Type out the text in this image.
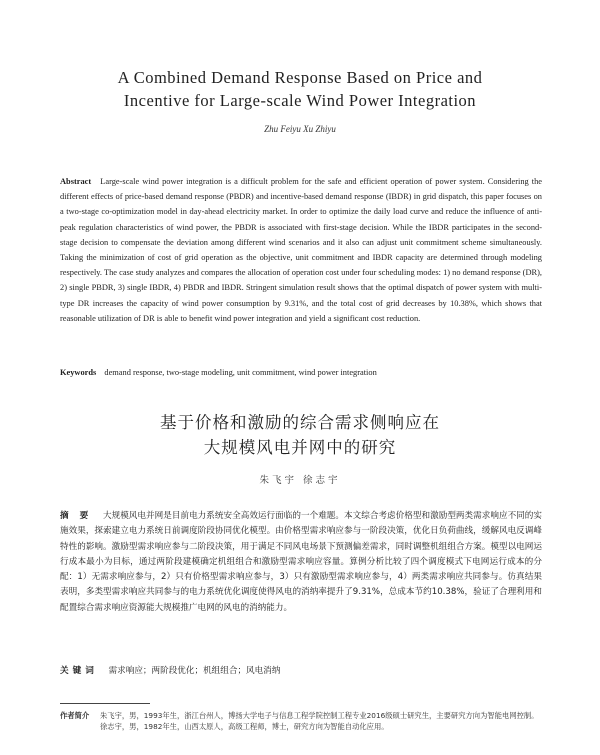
A Combined Demand Response Based on Price and
Incentive for Large-scale Wind Power Integration
Zhu Feiyu Xu Zhiyu
Abstract Large-scale wind power integration is a difficult problem for the safe and efficient operation of power system. Considering the different effects of price-based demand response (PBDR) and incentive-based demand response (IBDR) in grid dispatch, this paper focuses on a two-stage co-optimization model in day-ahead electricity market. In order to optimize the daily load curve and reduce the influence of anti-peak regulation characteristics of wind power, the PBDR is associated with first-stage decision. While the IBDR participates in the second-stage decision to compensate the deviation among different wind scenarios and it also can adjust unit commitment scheme simultaneously. Taking the minimization of cost of grid operation as the objective, unit commitment and IBDR capacity are determined through modeling respectively. The case study analyzes and compares the allocation of operation cost under four scheduling modes: 1) no demand response (DR), 2) single PBDR, 3) single IBDR, 4) PBDR and IBDR. Stringent simulation result shows that the optimal dispatch of power system with multi-type DR increases the capacity of wind power consumption by 9.31%, and the total cost of grid decreases by 10.38%, which shows that reasonable utilization of DR is able to benefit wind power integration and yield a significant cost reduction.
Keywords demand response, two-stage modeling, unit commitment, wind power integration
基于价格和激励的综合需求侧响应在
大规模风电并网中的研究
朱飞宇 徐志宇
摘 要 大规模风电并网是目前电力系统安全高效运行面临的一个难题。本文综合考虑价格型和激励型两类需求响应不同的实施效果，探索建立电力系统日前调度阶段协同优化模型。由价格型需求响应参与一阶段决策，优化日负荷曲线，缓解风电反调峰特性的影响。激励型需求响应参与二阶段决策，用于满足不同风电场景下预测偏差需求，同时调整机组组合方案。模型以电网运行成本最小为目标，通过两阶段建模确定机组组合和激励型需求响应容量。算例分析比较了四个调度模式下电网运行成本的分配：1）无需求响应参与，2）只有价格型需求响应参与，3）只有激励型需求响应参与，4）两类需求响应共同参与。仿真结果表明，多类型需求响应共同参与的电力系统优化调度使得风电的消纳率提升了9.31%，总成本节约10.38%，验证了合理利用和配置综合需求响应资源能大规模推广电网的风电的消纳能力。
关键词 需求响应；两阶段优化；机组组合；风电消纳
作者简介 朱飞宇，男，1993年生，浙江台州人，博扬大学电子与信息工程学院控制工程专业2016级硕士研究生，主要研究方向为智能电网控制。
徐志宇，男，1982年生，山西太原人，高级工程师，博士，研究方向为智能自动化应用。
